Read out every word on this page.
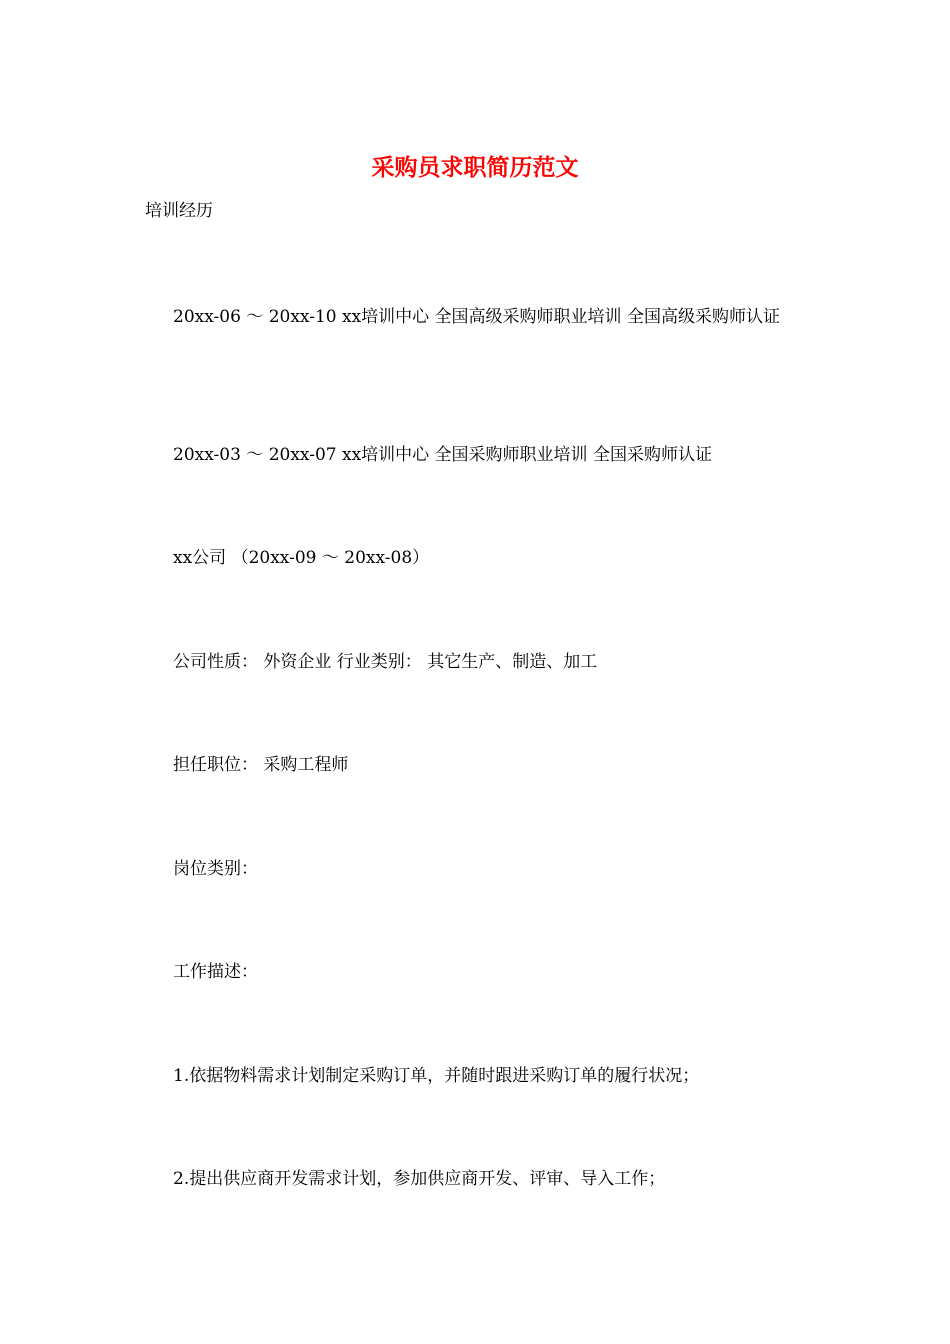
采购员求职简历范文

培训经历

20xx-06 ～ 20xx-10 xx培训中心 全国高级采购师职业培训 全国高级采购师认证

20xx-03 ～ 20xx-07 xx培训中心 全国采购师职业培训 全国采购师认证

xx公司 （20xx-09 ～ 20xx-08）

公司性质： 外资企业 行业类别： 其它生产、制造、加工

担任职位： 采购工程师

岗位类别：

工作描述：

1.依据物料需求计划制定采购订单，并随时跟进采购订单的履行状况；

2.提出供应商开发需求计划，参加供应商开发、评审、导入工作；
